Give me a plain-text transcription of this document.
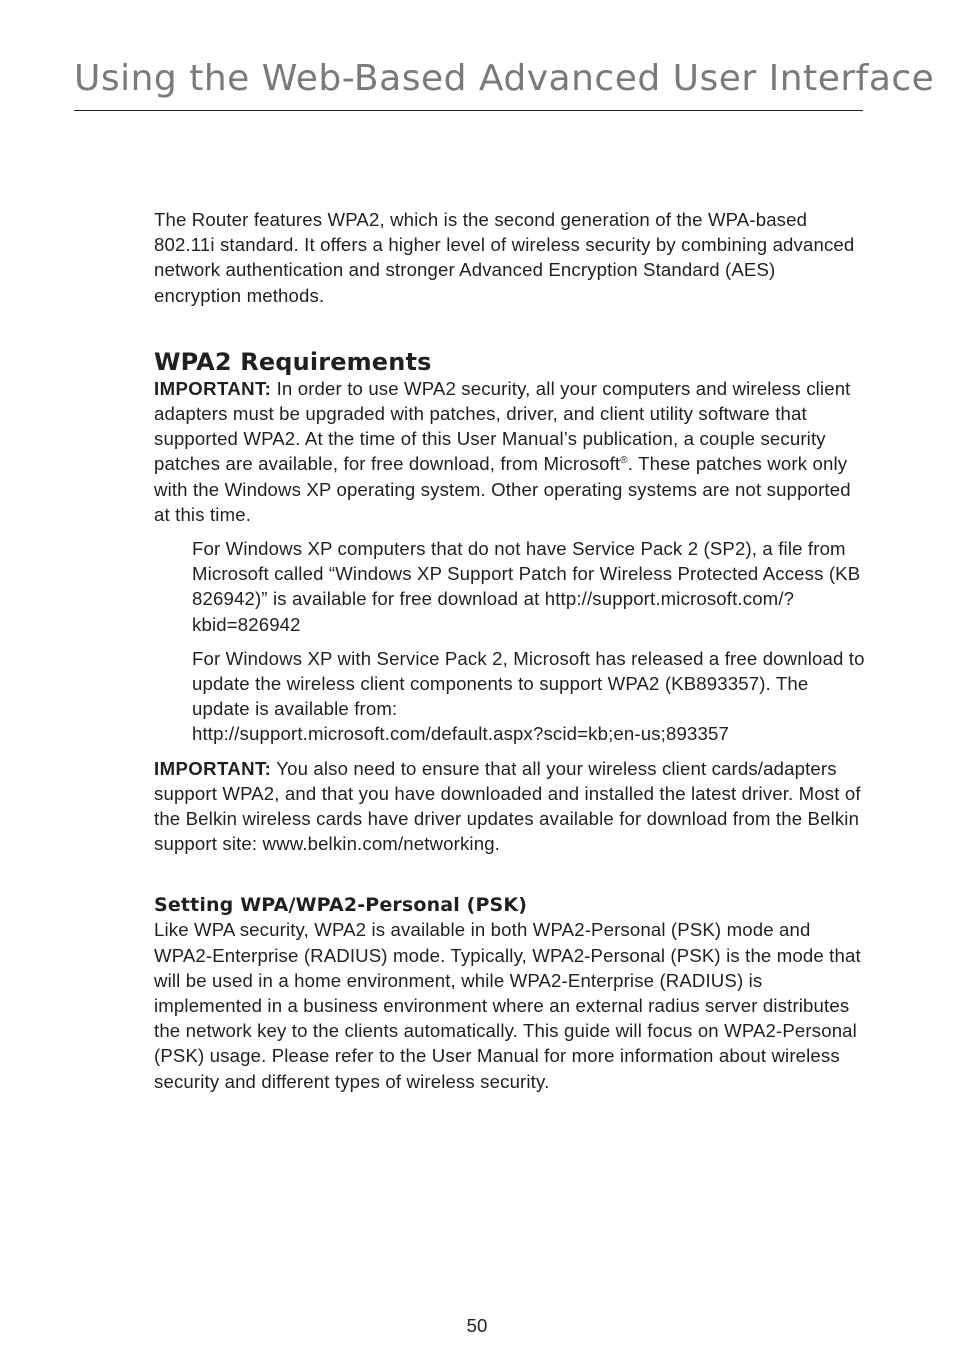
Using the Web-Based Advanced User Interface

The Router features WPA2, which is the second generation of the WPA-based 802.11i standard. It offers a higher level of wireless security by combining advanced network authentication and stronger Advanced Encryption Standard (AES) encryption methods.

WPA2 Requirements

IMPORTANT: In order to use WPA2 security, all your computers and wireless client adapters must be upgraded with patches, driver, and client utility software that supported WPA2. At the time of this User Manual’s publication, a couple security patches are available, for free download, from Microsoft®. These patches work only with the Windows XP operating system. Other operating systems are not supported at this time.

For Windows XP computers that do not have Service Pack 2 (SP2), a file from Microsoft called “Windows XP Support Patch for Wireless Protected Access (KB 826942)” is available for free download at http://support.microsoft.com/?kbid=826942

For Windows XP with Service Pack 2, Microsoft has released a free download to update the wireless client components to support WPA2 (KB893357). The update is available from:
http://support.microsoft.com/default.aspx?scid=kb;en-us;893357

IMPORTANT: You also need to ensure that all your wireless client cards/adapters support WPA2, and that you have downloaded and installed the latest driver. Most of the Belkin wireless cards have driver updates available for download from the Belkin support site: www.belkin.com/networking.

Setting WPA/WPA2-Personal (PSK)

Like WPA security, WPA2 is available in both WPA2-Personal (PSK) mode and WPA2-Enterprise (RADIUS) mode. Typically, WPA2-Personal (PSK) is the mode that will be used in a home environment, while WPA2-Enterprise (RADIUS) is implemented in a business environment where an external radius server distributes the network key to the clients automatically. This guide will focus on WPA2-Personal (PSK) usage. Please refer to the User Manual for more information about wireless security and different types of wireless security.

50
